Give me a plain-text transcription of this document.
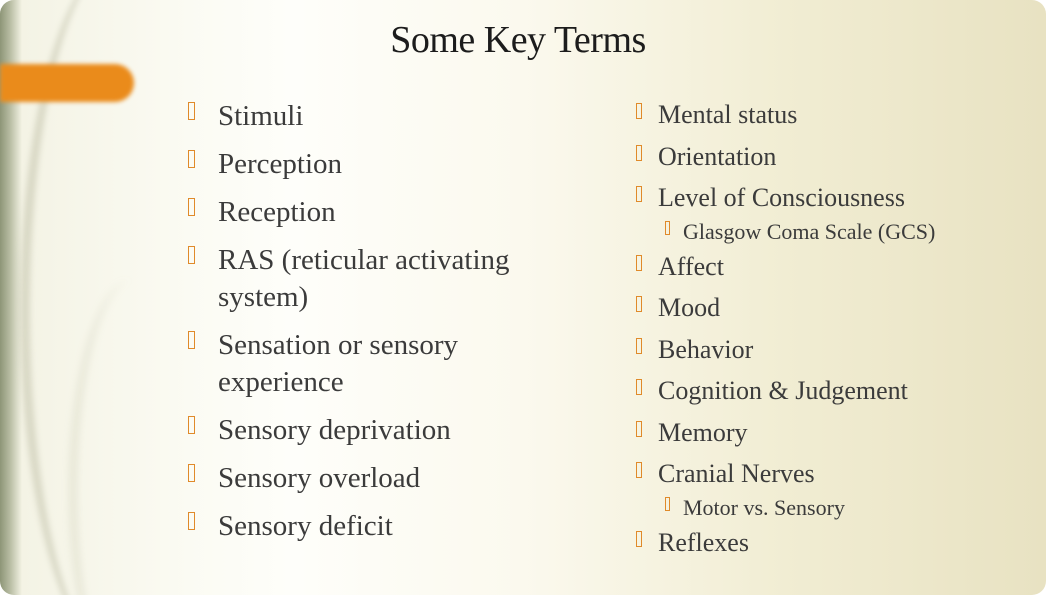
Some Key Terms
Stimuli
Perception
Reception
RAS (reticular activating system)
Sensation or sensory experience
Sensory deprivation
Sensory overload
Sensory deficit
Mental status
Orientation
Level of Consciousness
Glasgow Coma Scale (GCS)
Affect
Mood
Behavior
Cognition & Judgement
Memory
Cranial Nerves
Motor vs. Sensory
Reflexes
